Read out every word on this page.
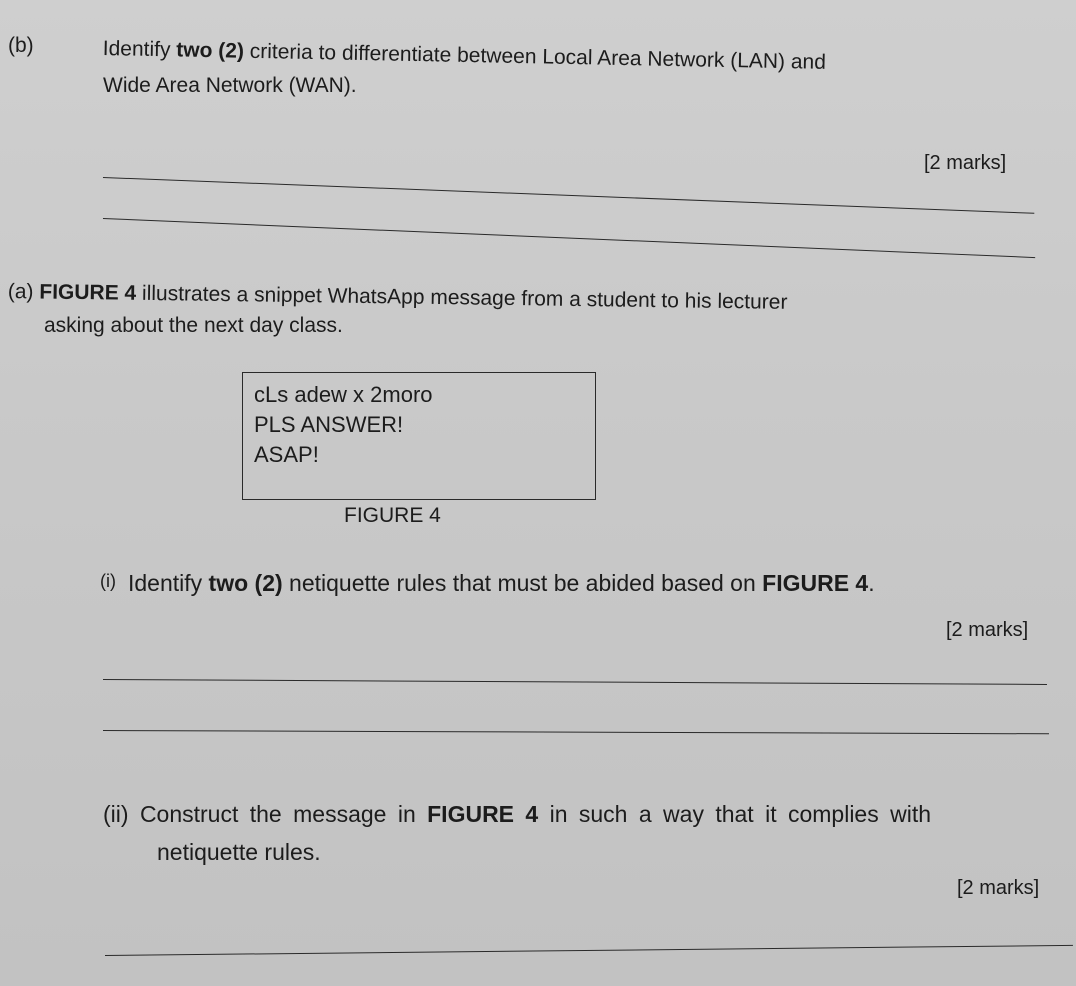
(b)	Identify two (2) criteria to differentiate between Local Area Network (LAN) and
Wide Area Network (WAN).
[2 marks]
(a) FIGURE 4 illustrates a snippet WhatsApp message from a student to his lecturer
asking about the next day class.
cLs adew x 2moro
PLS ANSWER!
ASAP!
FIGURE 4
(i) Identify two (2) netiquette rules that must be abided based on FIGURE 4.
[2 marks]
(ii) Construct the message in FIGURE 4 in such a way that it complies with
netiquette rules.
[2 marks]
